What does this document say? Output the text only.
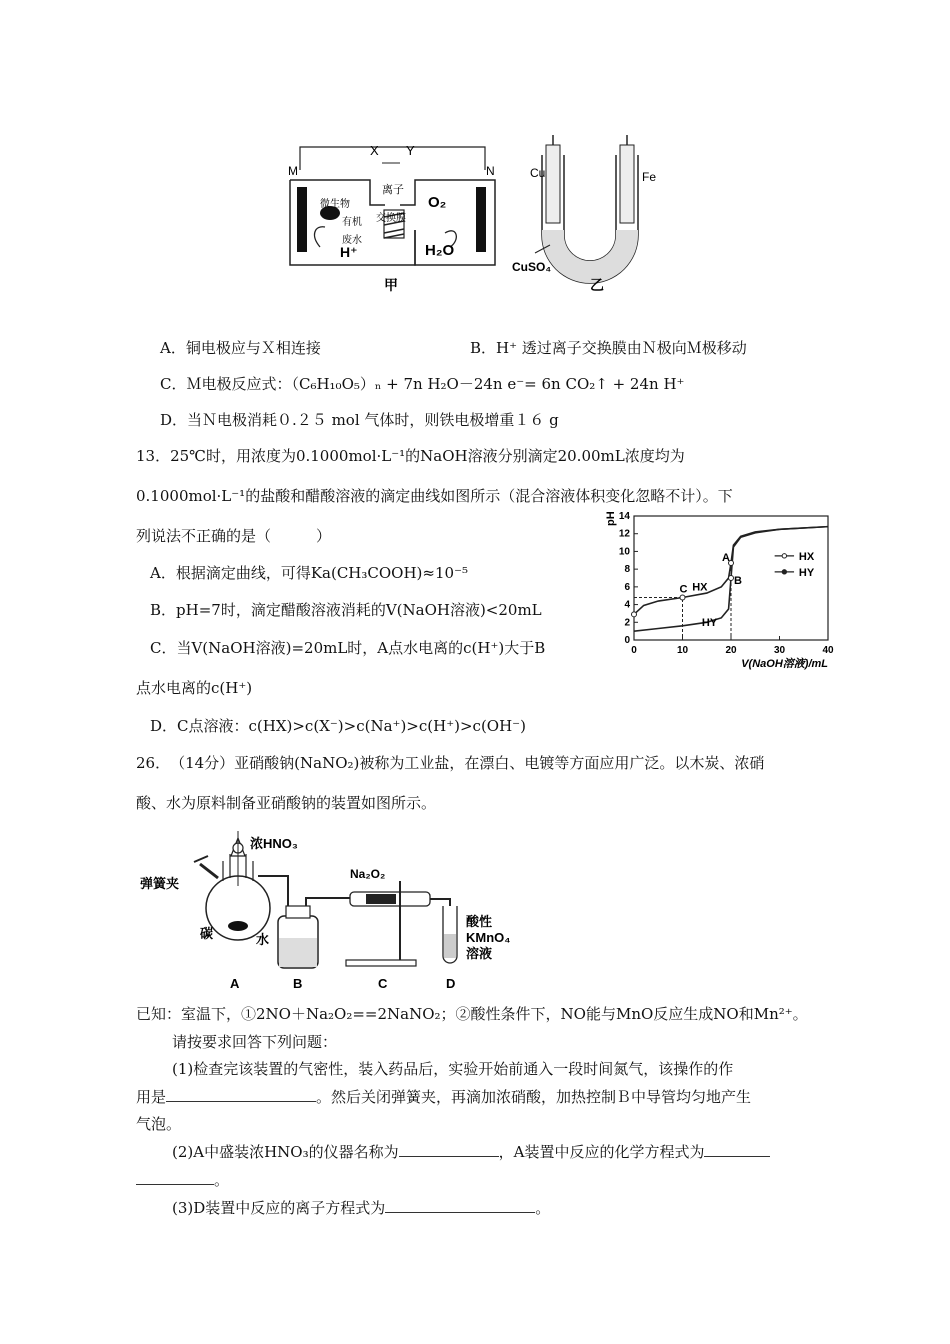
M	N
X Y
离子
交换膜
微生物
有机
废水
H⁺
O₂
H₂O
甲
Cu	Fe
CuSO₄
乙
A．铜电极应与Ｘ相连接	B．H⁺ 透过离子交换膜由Ｎ极向Ｍ极移动
C．Ｍ电极反应式：（C₆H₁₀O₅）ₙ + 7n H₂O－24n e⁻= 6n CO₂↑ + 24n H⁺
D．当Ｎ电极消耗０.２５ mol 气体时，则铁电极增重１６ g
13．25℃时，用浓度为0.1000mol·L⁻¹的NaOH溶液分别滴定20.00mL浓度均为
0.1000mol·L⁻¹的盐酸和醋酸溶液的滴定曲线如图所示（混合溶液体积变化忽略不计）。下
列说法不正确的是（　　　）
A．根据滴定曲线，可得Ka(CH₃COOH)≈10⁻⁵
B．pH=7时，滴定醋酸溶液消耗的V(NaOH溶液)<20mL
C．当V(NaOH溶液)=20mL时，A点水电离的c(H⁺)大于B
点水电离的c(H⁺)
D．C点溶液：c(HX)>c(X⁻)>c(Na⁺)>c(H⁺)>c(OH⁻)
0	10	20	30	40
0
2
4
6
8
10
12
14
pH
V(NaOH溶液)/mL
A
B
C HX
HY
HX
HY
26．　（14分）亚硝酸钠(NaNO₂)被称为工业盐，在漂白、电镀等方面应用广泛。以木炭、浓硝
酸、水为原料制备亚硝酸钠的装置如图所示。
浓HNO₃
弹簧夹
碳	水
Na₂O₂
酸性
KMnO₄
溶液
A	B	C	D
已知：室温下，①2NO＋Na₂O₂==2NaNO₂；②酸性条件下，NO能与MnO反应生成NO和Mn²⁺。
请按要求回答下列问题：
(1)检查完该装置的气密性，装入药品后，实验开始前通入一段时间氮气，该操作的作
用是	。然后关闭弹簧夹，再滴加浓硝酸，加热控制Ｂ中导管均匀地产生
气泡。
(2)A中盛装浓HNO₃的仪器名称为	，A装置中反应的化学方程式为
。
(3)D装置中反应的离子方程式为	。
